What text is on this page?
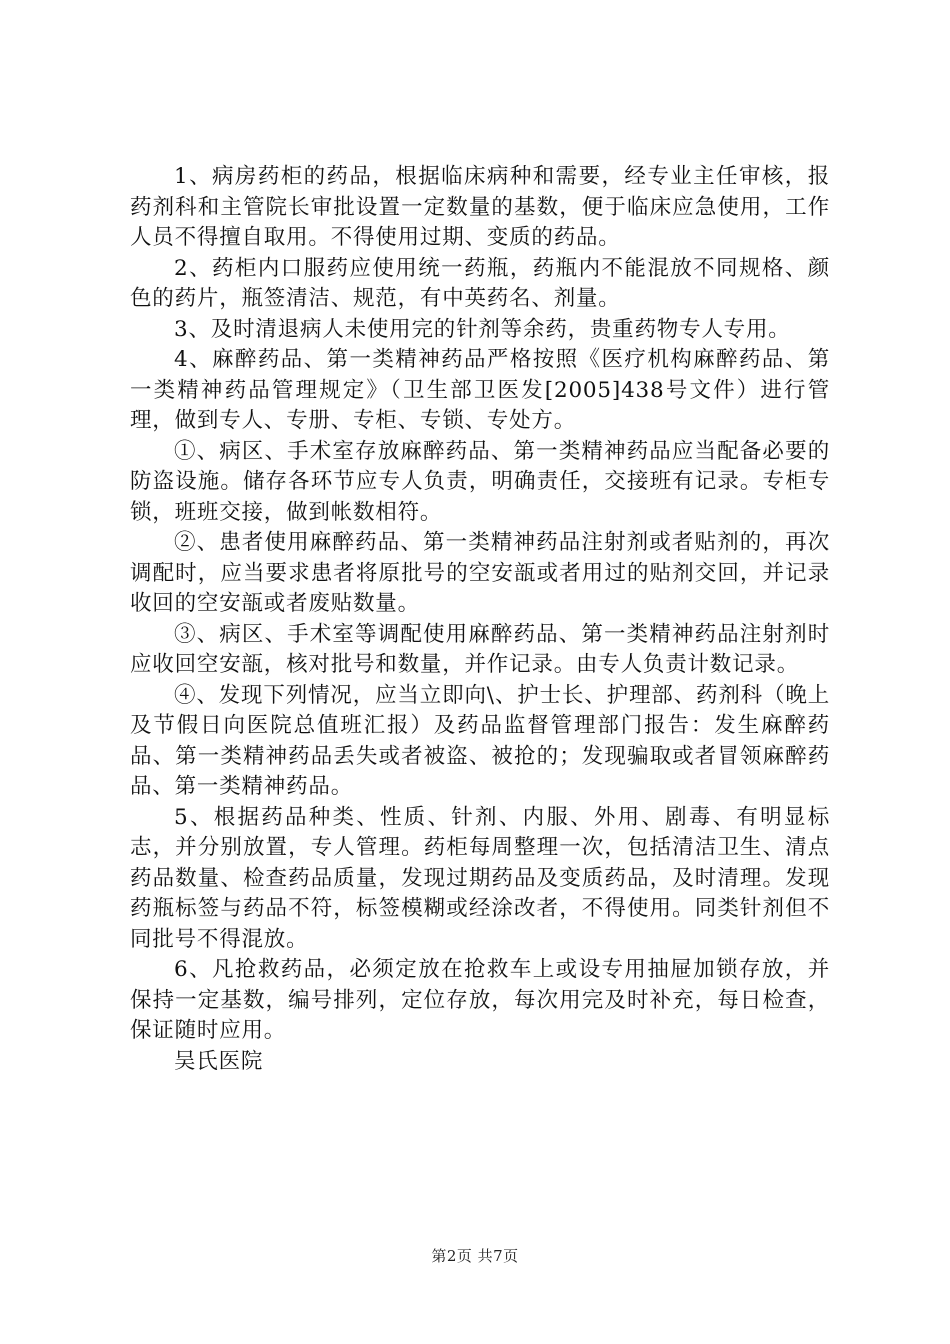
1、病房药柜的药品，根据临床病种和需要，经专业主任审核，报药剂科和主管院长审批设置一定数量的基数，便于临床应急使用，工作人员不得擅自取用。不得使用过期、变质的药品。

2、药柜内口服药应使用统一药瓶，药瓶内不能混放不同规格、颜色的药片，瓶签清洁、规范，有中英药名、剂量。

3、及时清退病人未使用完的针剂等余药，贵重药物专人专用。

4、麻醉药品、第一类精神药品严格按照《医疗机构麻醉药品、第一类精神药品管理规定》（卫生部卫医发[2005]438号文件）进行管理，做到专人、专册、专柜、专锁、专处方。

①、病区、手术室存放麻醉药品、第一类精神药品应当配备必要的防盗设施。储存各环节应专人负责，明确责任，交接班有记录。专柜专锁，班班交接，做到帐数相符。

②、患者使用麻醉药品、第一类精神药品注射剂或者贴剂的，再次调配时，应当要求患者将原批号的空安瓿或者用过的贴剂交回，并记录收回的空安瓿或者废贴数量。

③、病区、手术室等调配使用麻醉药品、第一类精神药品注射剂时应收回空安瓿，核对批号和数量，并作记录。由专人负责计数记录。

④、发现下列情况，应当立即向\、护士长、护理部、药剂科（晚上及节假日向医院总值班汇报）及药品监督管理部门报告：发生麻醉药品、第一类精神药品丢失或者被盗、被抢的；发现骗取或者冒领麻醉药品、第一类精神药品。

5、根据药品种类、性质、针剂、内服、外用、剧毒、有明显标志，并分别放置，专人管理。药柜每周整理一次，包括清洁卫生、清点药品数量、检查药品质量，发现过期药品及变质药品，及时清理。发现药瓶标签与药品不符，标签模糊或经涂改者，不得使用。同类针剂但不同批号不得混放。

6、凡抢救药品，必须定放在抢救车上或设专用抽屉加锁存放，并保持一定基数，编号排列，定位存放，每次用完及时补充，每日检查，保证随时应用。

吴氏医院

第2页 共7页
